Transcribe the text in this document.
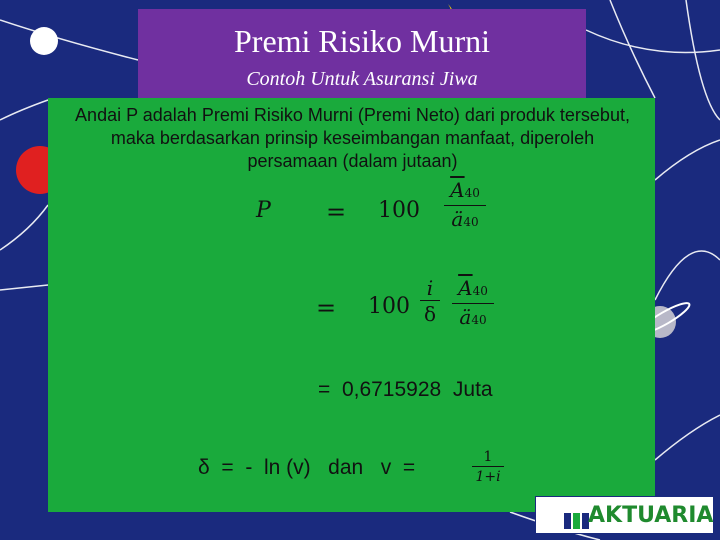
Premi Risiko Murni
Contoh Untuk Asuransi Jiwa
Andai P adalah Premi Risiko Murni (Premi Neto) dari produk tersebut, maka berdasarkan prinsip keseimbangan manfaat, diperoleh persamaan (dalam jutaan)
P = 100
$\overline{A}40$
ä40
= 100
i
δ
$\overline{A}40$
ä40
= 0,6715928 Juta
δ = -  ln (v) dan v =	1
1+i
AKTUARIA
